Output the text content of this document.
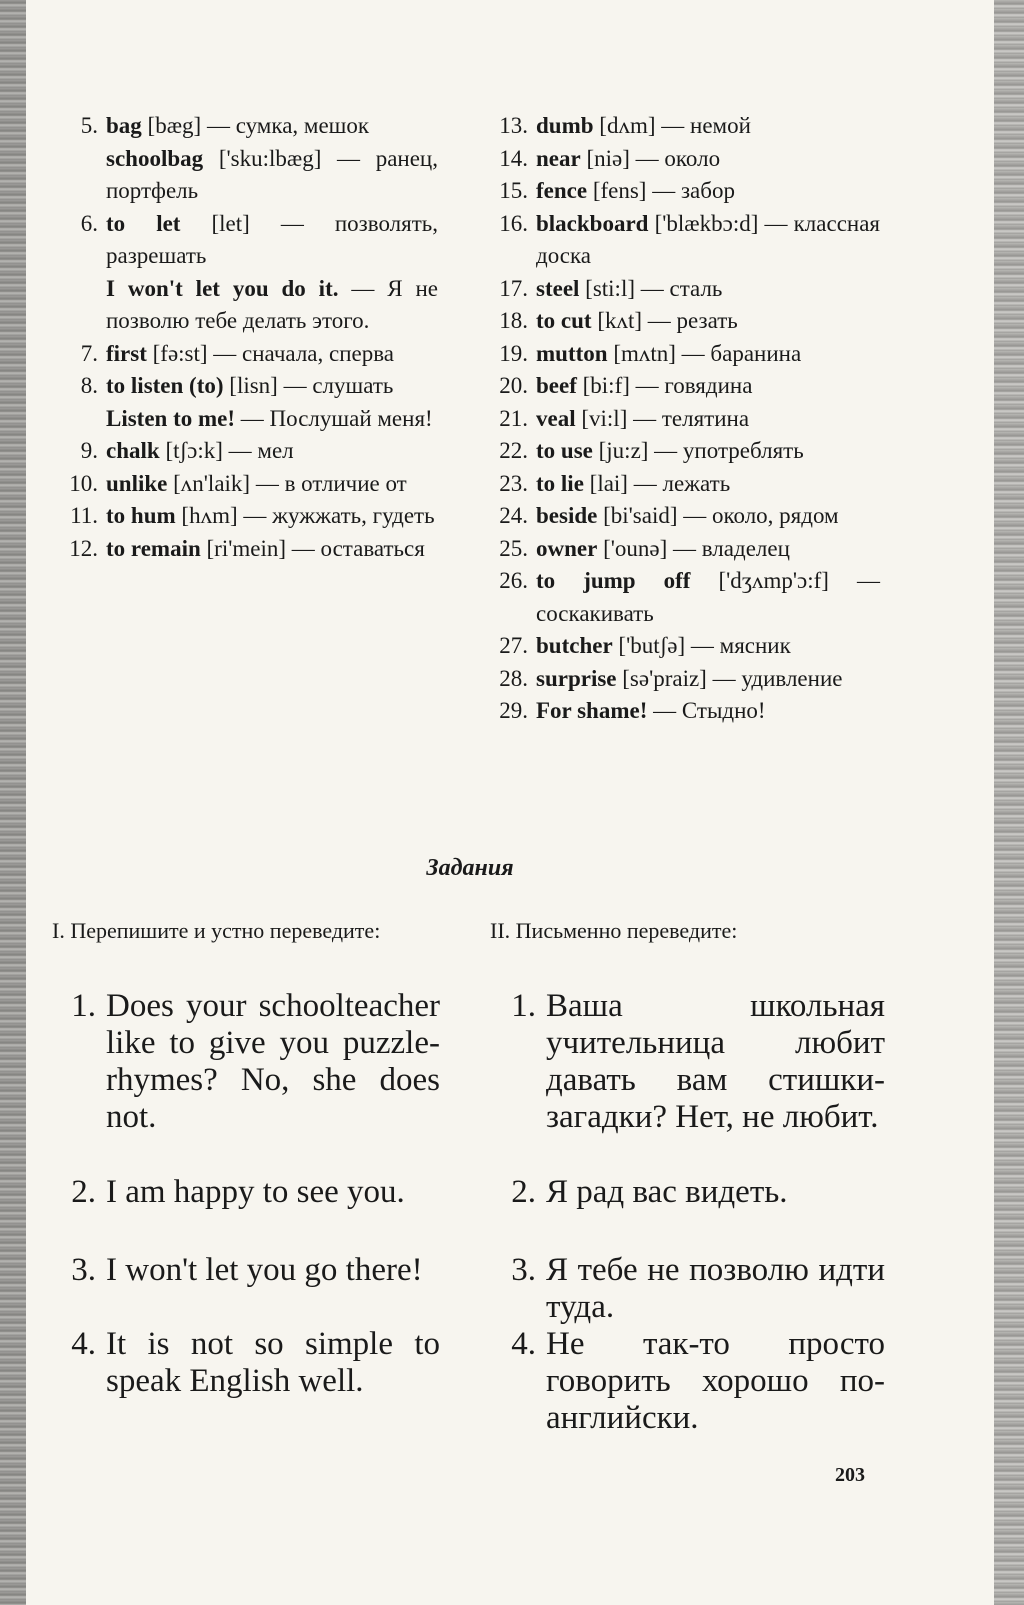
5. bag [bæg] — сумка, мешок
schoolbag ['sku:lbæg] — ранец, портфель
6. to let [let] — позволять, разрешать
I won't let you do it. — Я не позволю тебе делать этого.
7. first [fə:st] — сначала, сперва
8. to listen (to) [lisn] — слушать
Listen to me! — Послушай меня!
9. chalk [tʃɔ:k] — мел
10. unlike [ʌn'laik] — в отличие от
11. to hum [hʌm] — жужжать, гудеть
12. to remain [ri'mein] — оставаться
13. dumb [dʌm] — немой
14. near [niə] — около
15. fence [fens] — забор
16. blackboard ['blækbɔ:d] — классная доска
17. steel [sti:l] — сталь
18. to cut [kʌt] — резать
19. mutton [mʌtn] — баранина
20. beef [bi:f] — говядина
21. veal [vi:l] — телятина
22. to use [ju:z] — употреблять
23. to lie [lai] — лежать
24. beside [bi'said] — около, рядом
25. owner ['ounə] — владелец
26. to jump off ['dʒʌmp'ɔ:f] — соскакивать
27. butcher ['butʃə] — мясник
28. surprise [sə'praiz] — удивление
29. For shame! — Стыдно!
Задания
I. Перепишите и устно переведите:	II. Письменно переведите:
1. Does your schoolteacher like to give you puzzle-rhymes? No, she does not.
2. I am happy to see you.
3. I won't let you go there!
4. It is not so simple to speak English well.
1. Ваша школьная учительница любит давать вам стишки-загадки? Нет, не любит.
2. Я рад вас видеть.
3. Я тебе не позволю идти туда.
4. Не так-то просто говорить хорошо по-английски.
203
